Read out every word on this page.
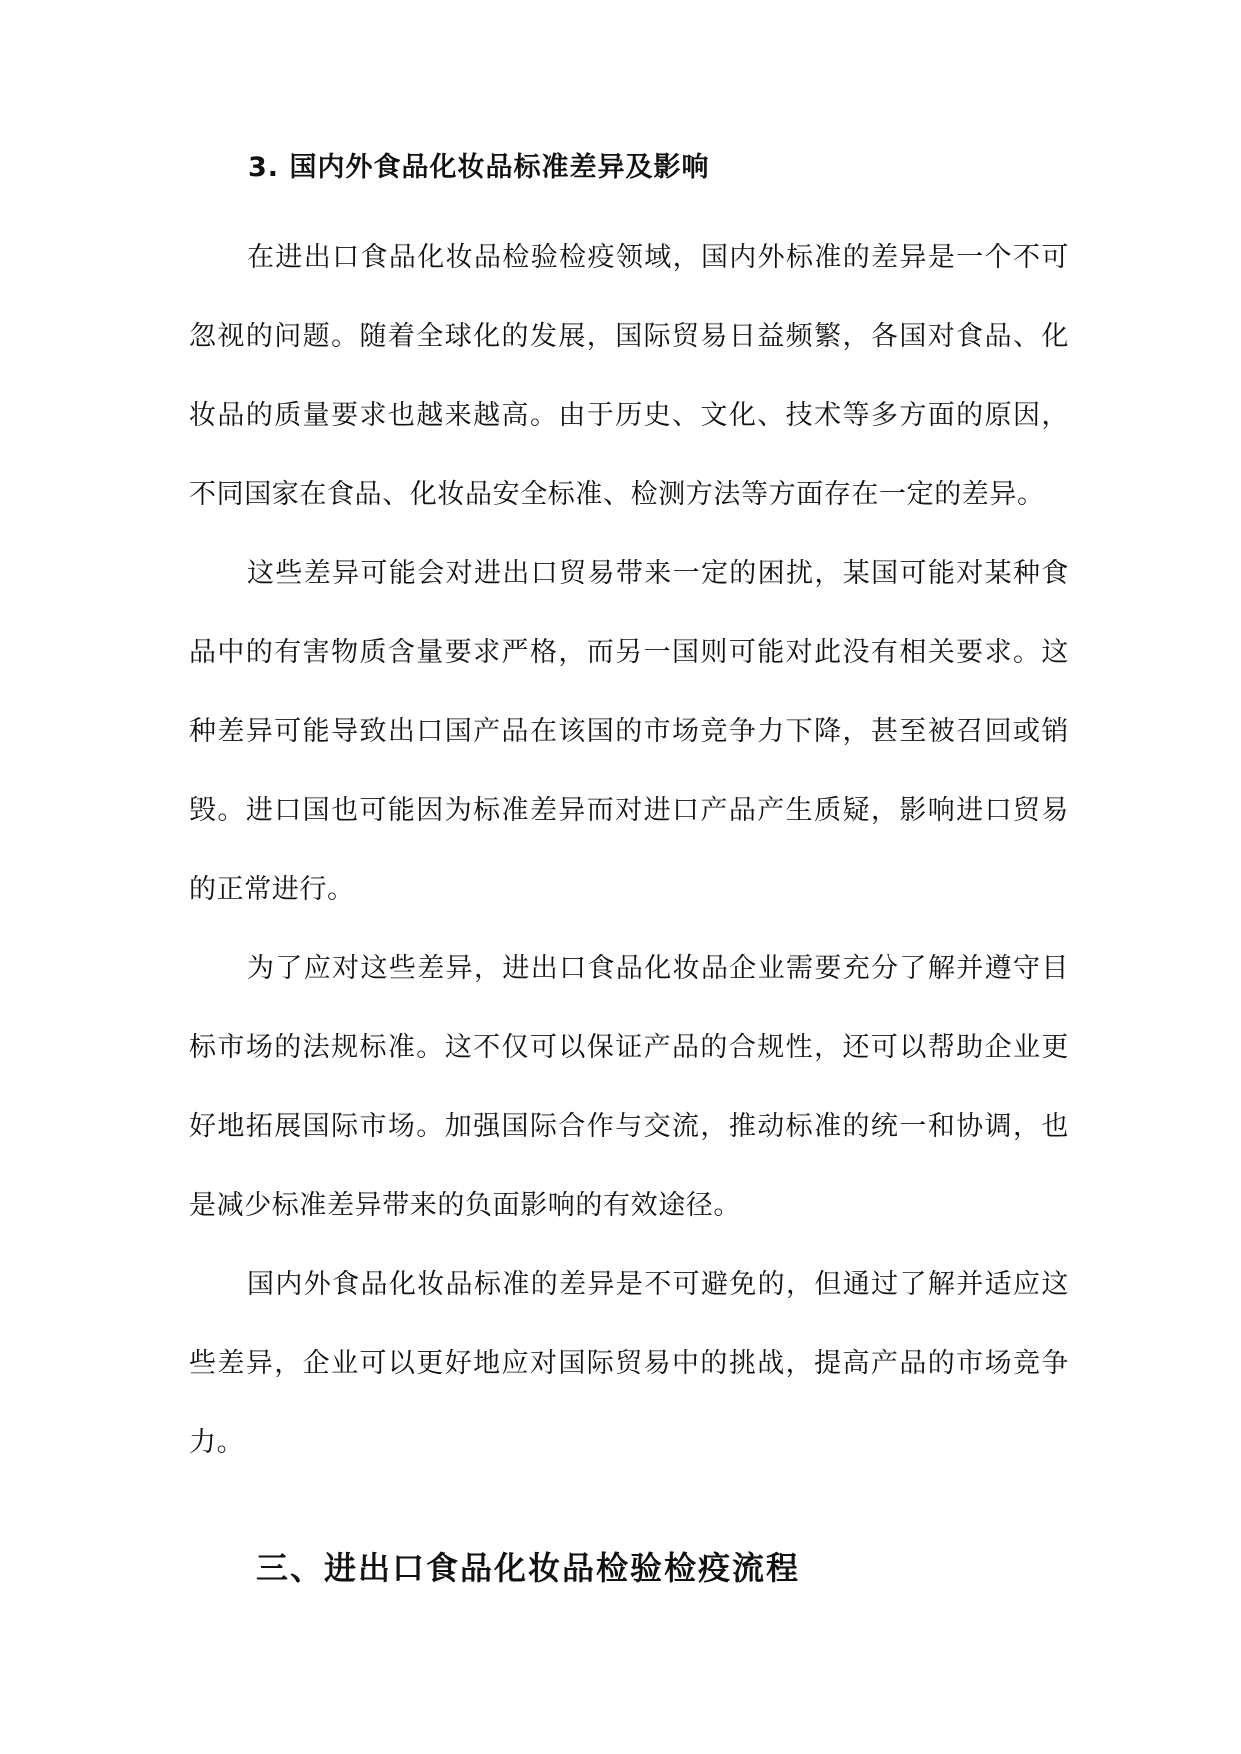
3. 国内外食品化妆品标准差异及影响

在进出口食品化妆品检验检疫领域，国内外标准的差异是一个不可忽视的问题。随着全球化的发展，国际贸易日益频繁，各国对食品、化妆品的质量要求也越来越高。由于历史、文化、技术等多方面的原因，不同国家在食品、化妆品安全标准、检测方法等方面存在一定的差异。

这些差异可能会对进出口贸易带来一定的困扰，某国可能对某种食品中的有害物质含量要求严格，而另一国则可能对此没有相关要求。这种差异可能导致出口国产品在该国的市场竞争力下降，甚至被召回或销毁。进口国也可能因为标准差异而对进口产品产生质疑，影响进口贸易的正常进行。

为了应对这些差异，进出口食品化妆品企业需要充分了解并遵守目标市场的法规标准。这不仅可以保证产品的合规性，还可以帮助企业更好地拓展国际市场。加强国际合作与交流，推动标准的统一和协调，也是减少标准差异带来的负面影响的有效途径。

国内外食品化妆品标准的差异是不可避免的，但通过了解并适应这些差异，企业可以更好地应对国际贸易中的挑战，提高产品的市场竞争力。

三、进出口食品化妆品检验检疫流程
